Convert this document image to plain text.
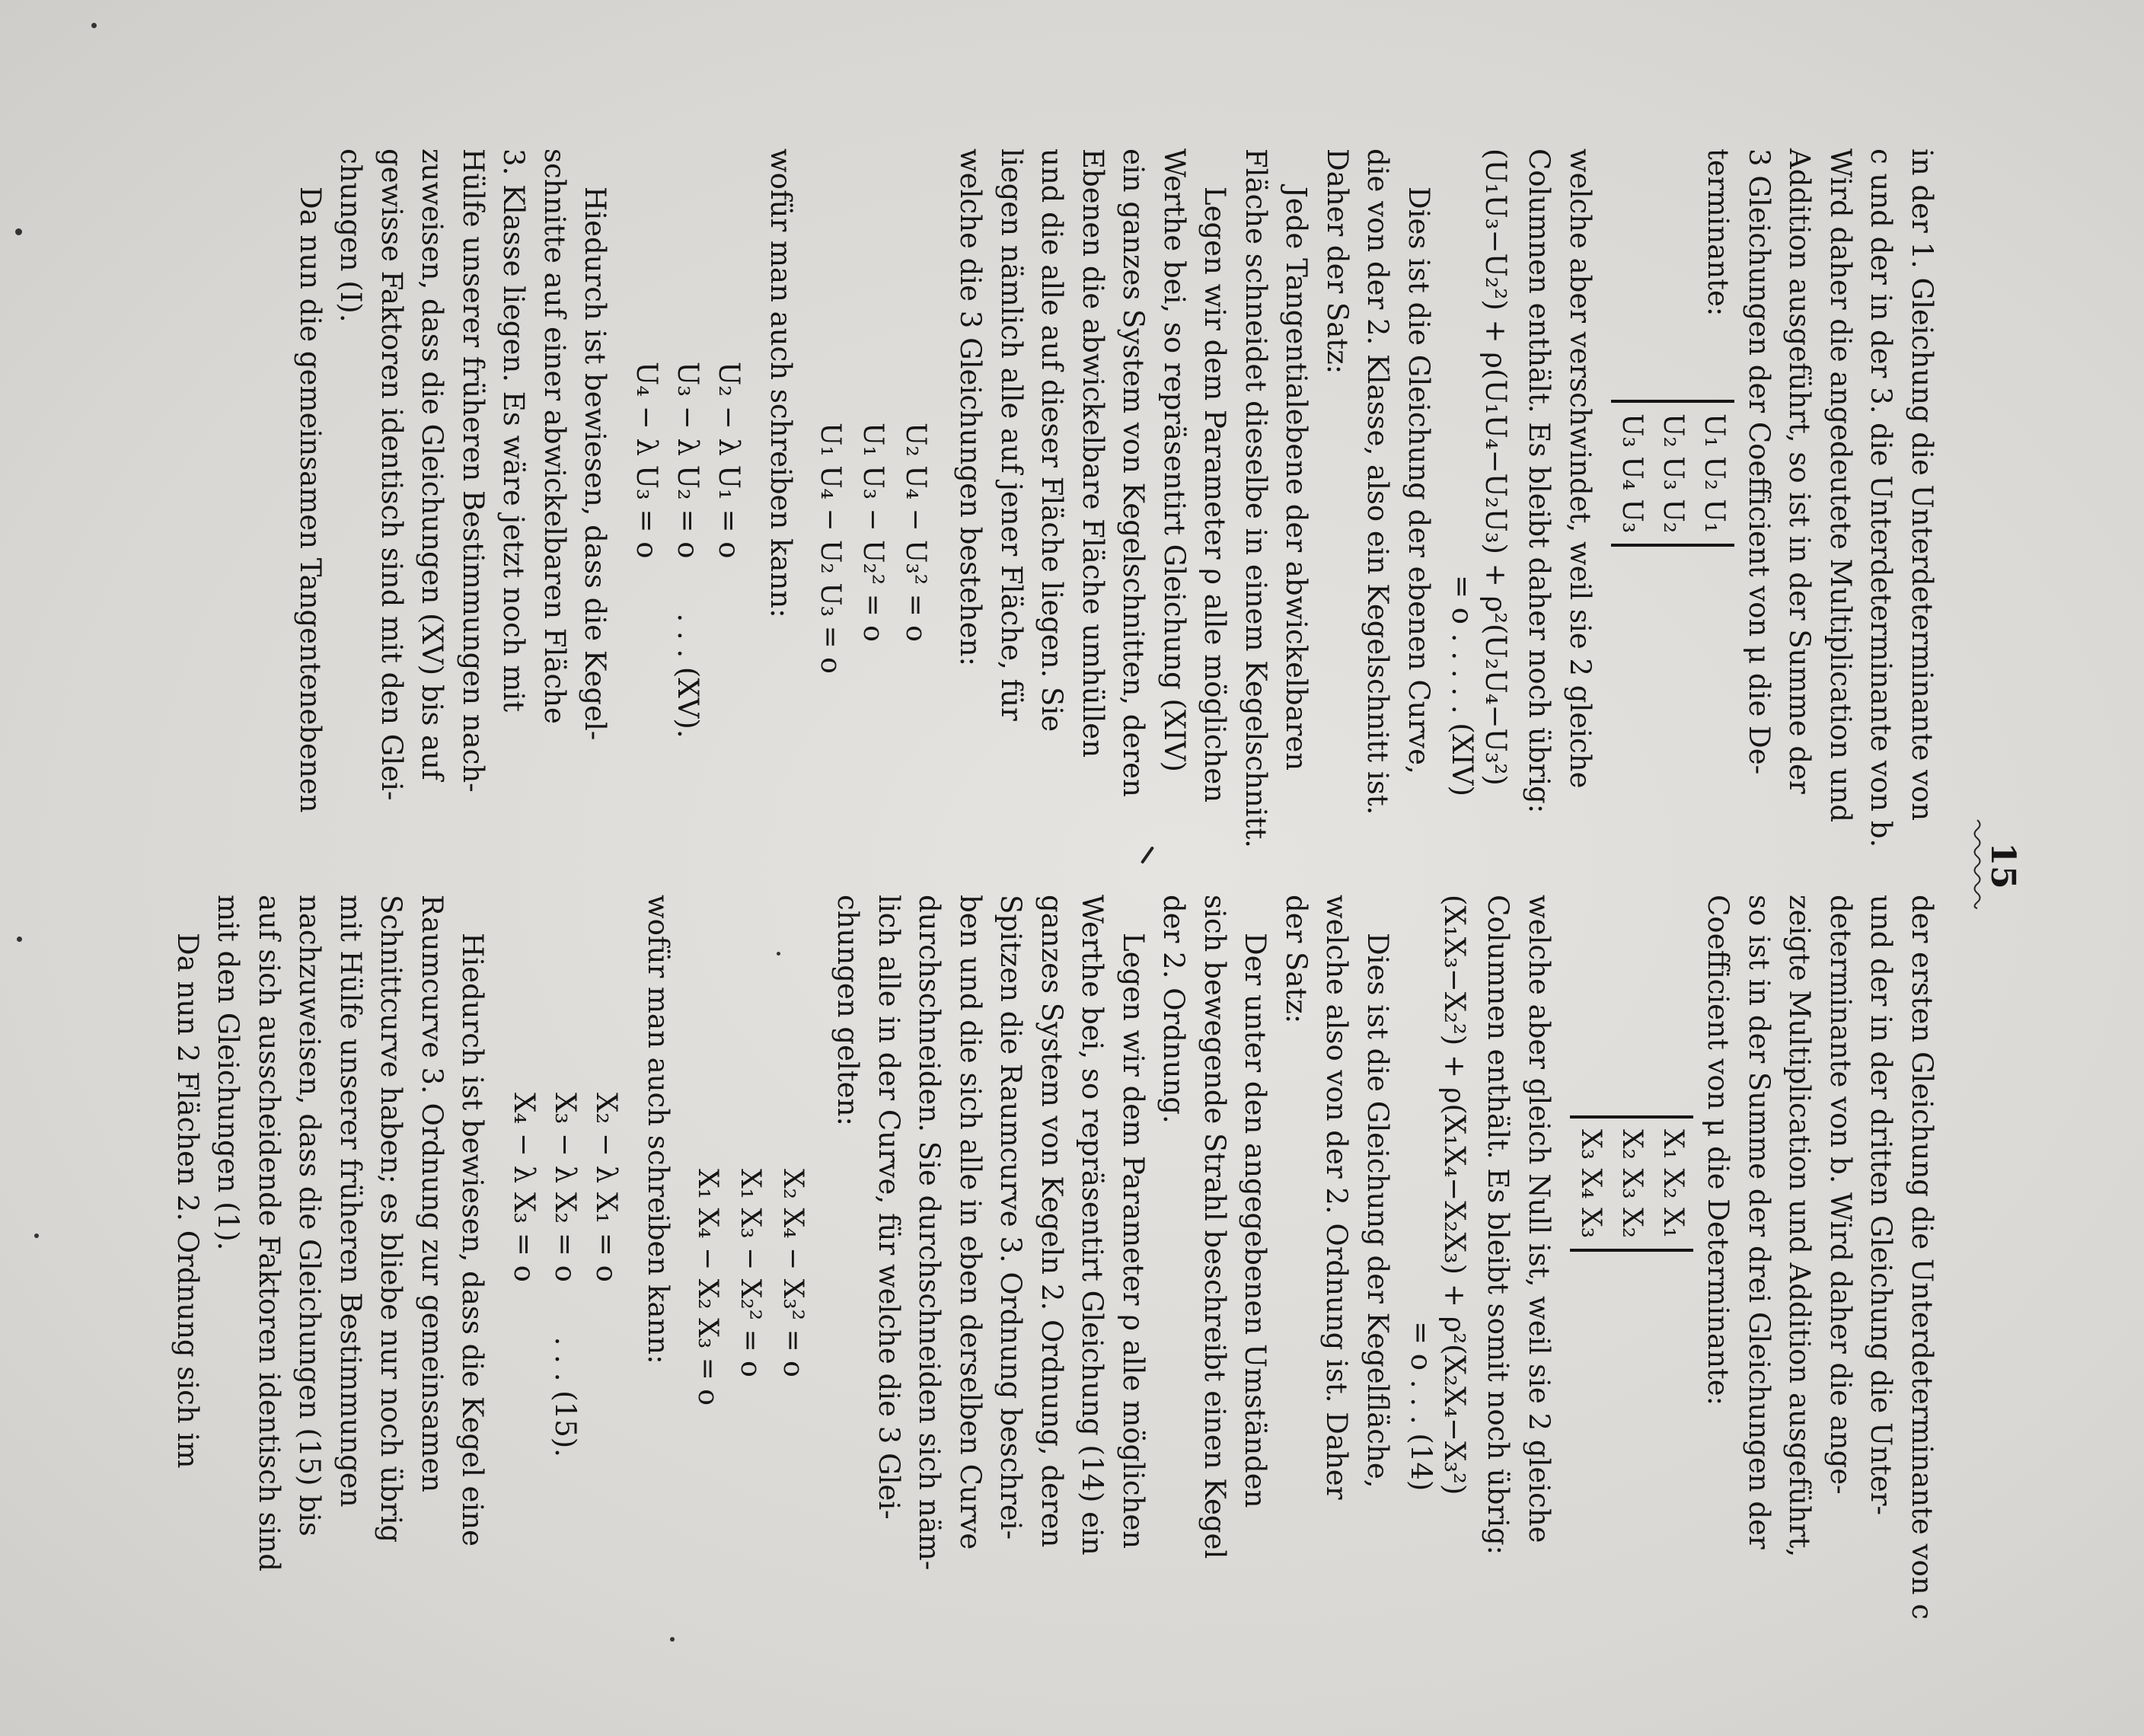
15

in der 1. Gleichung die Unterdeterminante von
c und der in der 3. die Unterdeterminante von b.
Wird daher die angedeutete Multiplication und
Addition ausgeführt, so ist in der Summe der
3 Gleichungen der Coefficient von μ die De-
terminante:

U₁ U₂ U₁
U₂ U₃ U₂
U₃ U₄ U₃

welche aber verschwindet, weil sie 2 gleiche
Columnen enthält. Es bleibt daher noch übrig:

(U₁U₃−U₂²) + ρ(U₁U₄−U₂U₃) + ρ²(U₂U₄−U₃²)
= o . . . . . (XIV)

Dies ist die Gleichung der ebenen Curve,
die von der 2. Klasse, also ein Kegelschnitt ist.
Daher der Satz:

Jede Tangentialebene der abwickelbaren
Fläche schneidet dieselbe in einem Kegelschnitt.

Legen wir dem Parameter ρ alle möglichen
Werthe bei, so repräsentirt Gleichung (XIV)
ein ganzes System von Kegelschnitten, deren
Ebenen die abwickelbare Fläche umhüllen
und die alle auf dieser Fläche liegen. Sie
liegen nämlich alle auf jener Fläche, für
welche die 3 Gleichungen bestehen:

U₂ U₄ − U₃² = o
U₁ U₃ − U₂² = o
U₁ U₄ − U₂ U₃ = o

wofür man auch schreiben kann:

U₂ − λ U₁ = o
U₃ − λ U₂ = o . . . (XV).
U₄ − λ U₃ = o

Hiedurch ist bewiesen, dass die Kegel-
schnitte auf einer abwickelbaren Fläche
3. Klasse liegen. Es wäre jetzt noch mit
Hülfe unserer früheren Bestimmungen nach-
zuweisen, dass die Gleichungen (XV) bis auf
gewisse Faktoren identisch sind mit den Glei-
chungen (I).

Da nun die gemeinsamen Tangentenebenen

der ersten Gleichung die Unterdeterminante von c
und der in der dritten Gleichung die Unter-
determinante von b. Wird daher die ange-
zeigte Multiplication und Addition ausgeführt,
so ist in der Summe der drei Gleichungen der
Coefficient von μ die Determinante:

X₁ X₂ X₁
X₂ X₃ X₂
X₃ X₄ X₃

welche aber gleich Null ist, weil sie 2 gleiche
Columnen enthält. Es bleibt somit noch übrig:

(X₁X₃−X₂²) + ρ(X₁X₄−X₂X₃) + ρ²(X₂X₄−X₃²)
= o . . . (14)

Dies ist die Gleichung der Kegelfläche,
welche also von der 2. Ordnung ist. Daher
der Satz:

Der unter den angegebenen Umständen
sich bewegende Strahl beschreibt einen Kegel
der 2. Ordnung.

Legen wir dem Parameter ρ alle möglichen
Werthe bei, so repräsentirt Gleichung (14) ein
ganzes System von Kegeln 2. Ordnung, deren
Spitzen die Raumcurve 3. Ordnung beschrei-
ben und die sich alle in eben derselben Curve
durchschneiden. Sie durchschneiden sich näm-
lich alle in der Curve, für welche die 3 Glei-
chungen gelten:

X₂ X₄ − X₃² = o
X₁ X₃ − X₂² = o
X₁ X₄ − X₂ X₃ = o

wofür man auch schreiben kann:

X₂ − λ X₁ = o
X₃ − λ X₂ = o . . . (15).
X₄ − λ X₃ = o

Hiedurch ist bewiesen, dass die Kegel eine
Raumcurve 3. Ordnung zur gemeinsamen
Schnittcurve haben; es bliebe nur noch übrig
mit Hülfe unserer früheren Bestimmungen
nachzuweisen, dass die Gleichungen (15) bis
auf sich ausscheidende Faktoren identisch sind
mit den Gleichungen (1).

Da nun 2 Flächen 2. Ordnung sich im
